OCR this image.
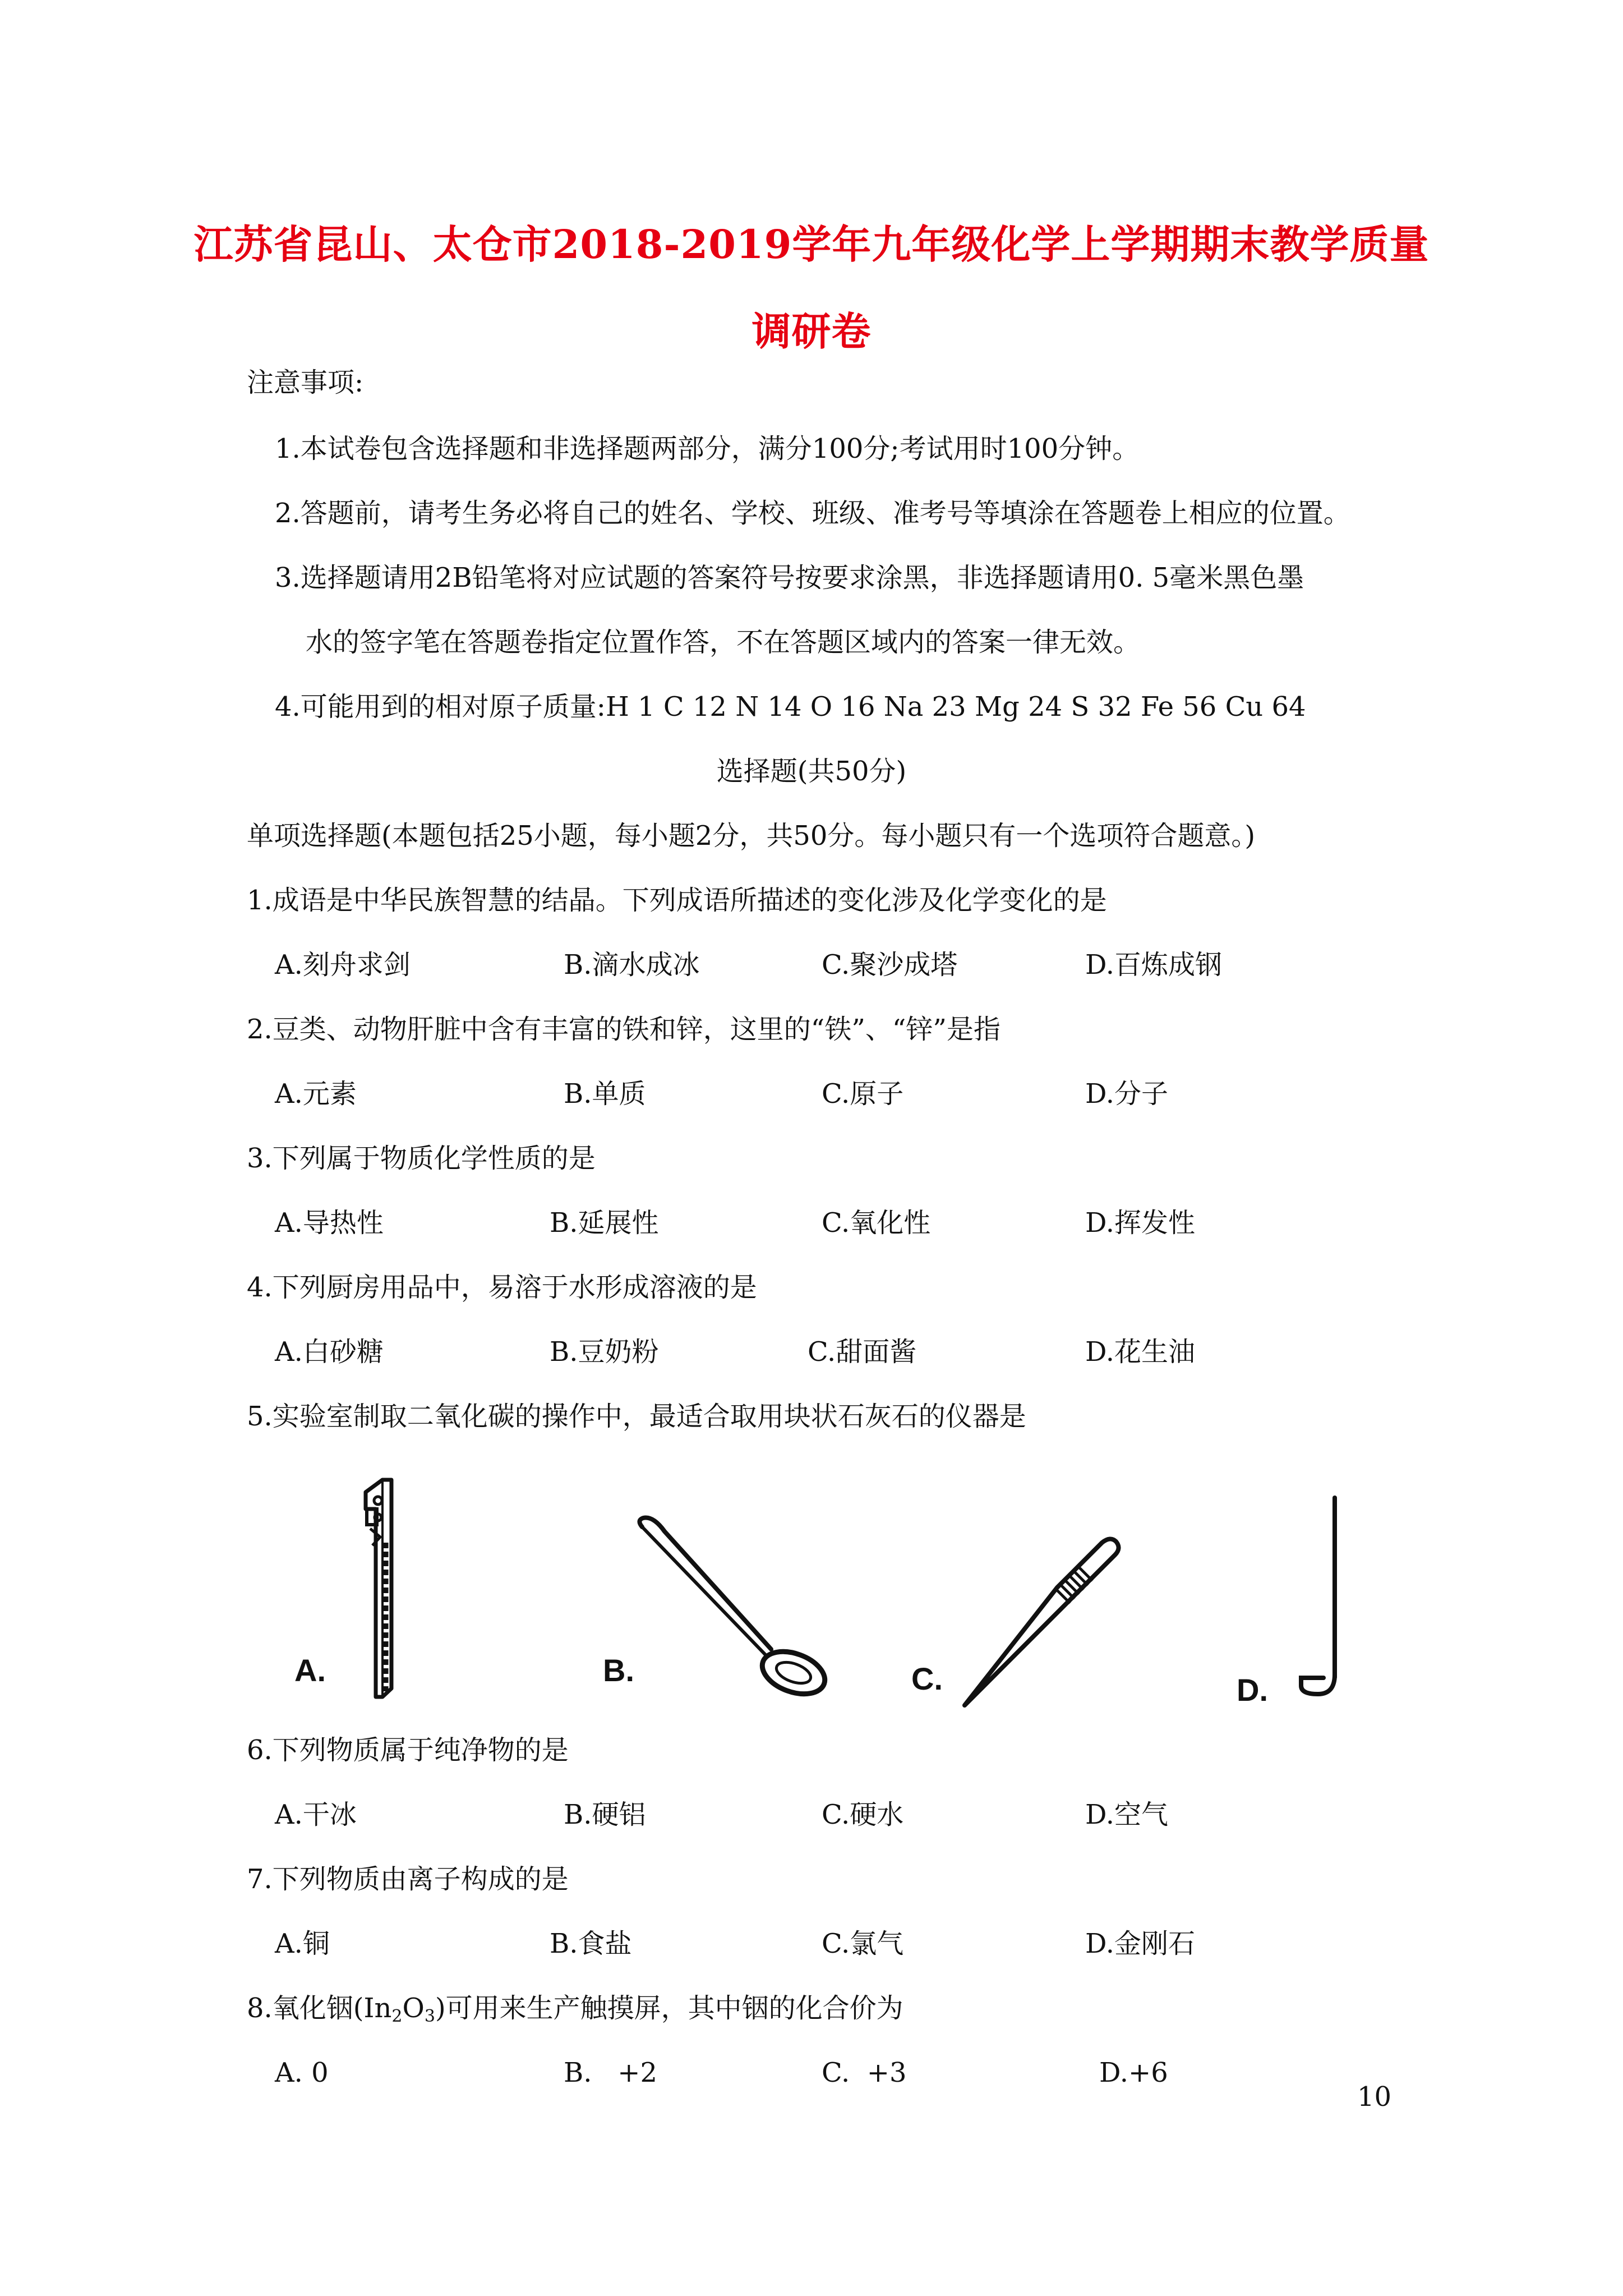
江苏省昆山、太仓市2018-2019学年九年级化学上学期期末教学质量
调研卷
注意事项:
1.本试卷包含选择题和非选择题两部分，满分100分;考试用时100分钟。
2.答题前，请考生务必将自己的姓名、学校、班级、准考号等填涂在答题卷上相应的位置。
3.选择题请用2B铅笔将对应试题的答案符号按要求涂黑，非选择题请用0. 5毫米黑色墨
水的签字笔在答题卷指定位置作答，不在答题区域内的答案一律无效。
4.可能用到的相对原子质量:H 1 C 12 N 14 O 16 Na 23 Mg 24 S 32 Fe 56 Cu 64
选择题(共50分)
单项选择题(本题包括25小题，每小题2分，共50分。每小题只有一个选项符合题意。)
1.成语是中华民族智慧的结晶。下列成语所描述的变化涉及化学变化的是
A.刻舟求剑	B.滴水成冰	C.聚沙成塔	D.百炼成钢
2.豆类、动物肝脏中含有丰富的铁和锌，这里的“铁”、“锌”是指
A.元素	B.单质	C.原子	D.分子
3.下列属于物质化学性质的是
A.导热性	B.延展性	C.氧化性	D.挥发性
4.下列厨房用品中，易溶于水形成溶液的是
A.白砂糖	B.豆奶粉	C.甜面酱	D.花生油
5.实验室制取二氧化碳的操作中，最适合取用块状石灰石的仪器是
A.	B.	C.	D.
6.下列物质属于纯净物的是
A.干冰	B.硬铝	C.硬水	D.空气
7.下列物质由离子构成的是
A.铜	B.食盐	C.氯气	D.金刚石
8.氧化铟$(In_2O_3)$可用来生产触摸屏，其中铟的化合价为
A. 0	B.   +2	C.  +3	D.+6
10
